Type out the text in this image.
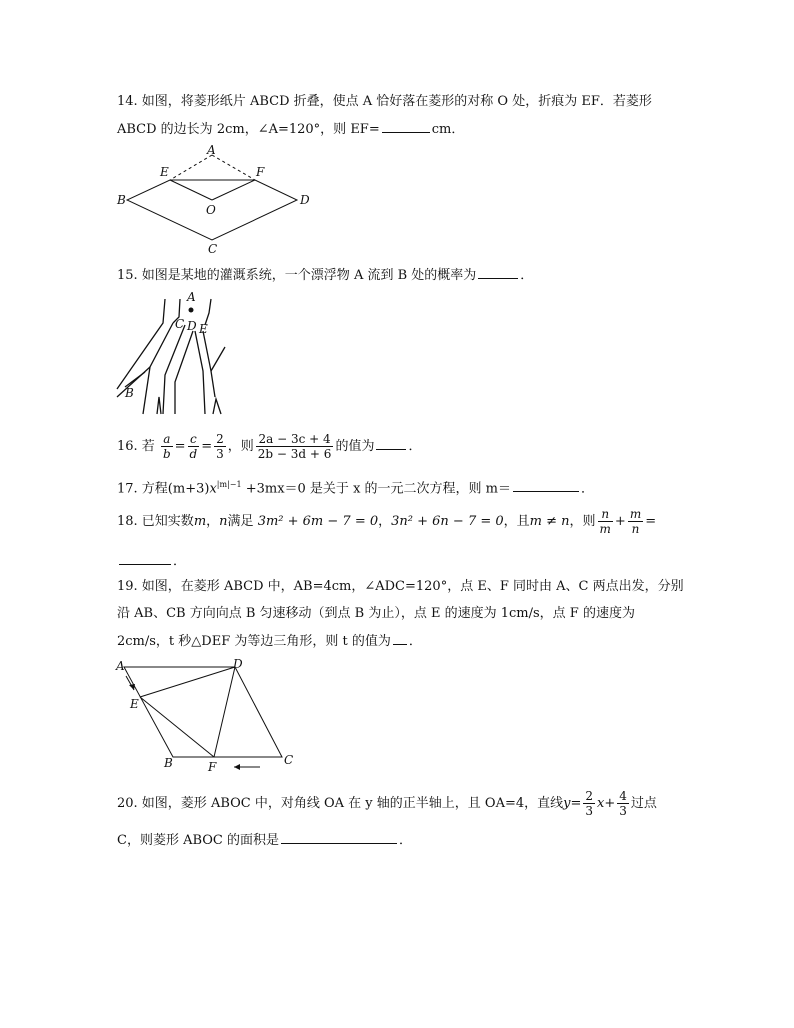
14. 如图，将菱形纸片 ABCD 折叠，使点 A 恰好落在菱形的对称 O 处，折痕为 EF．若菱形
ABCD 的边长为 2cm，∠A=120°，则 EF=	cm．
A
E	F
B	D
O
C
15. 如图是某地的灌溉系统，一个漂浮物 A 流到 B 处的概率为	．
A
C D E
B
16. 若 $\frac{a}{b} = \frac{c}{d} = \frac{2}{3}$ ，则 $\frac{2a - 3c + 4}{2b - 3d + 6}$ 的值为	．
17. 方程$(m+3)x^{|m|-1} +3mx=0$ 是关于 x 的一元二次方程，则 m＝	．
18. 已知实数m，n满足 3m² + 6m − 7 = 0，3n² + 6n − 7 = 0，且m ≠ n，则 $\frac{n}{m} + \frac{m}{n}$ =
．
19. 如图，在菱形 ABCD 中，AB=4cm，∠ADC=120°，点 E、F 同时由 A、C 两点出发，分别
沿 AB、CB 方向向点 B 匀速移动（到点 B 为止），点 E 的速度为 1cm/s，点 F 的速度为
2cm/s，t 秒△DEF 为等边三角形，则 t 的值为 ．
A	D
E
B	F	C
20. 如图，菱形 ABOC 中，对角线 OA 在 y 轴的正半轴上，且 OA=4，直线$y= \frac{2}{3} x+ \frac{4}{3}$ 过点
C，则菱形 ABOC 的面积是	．
